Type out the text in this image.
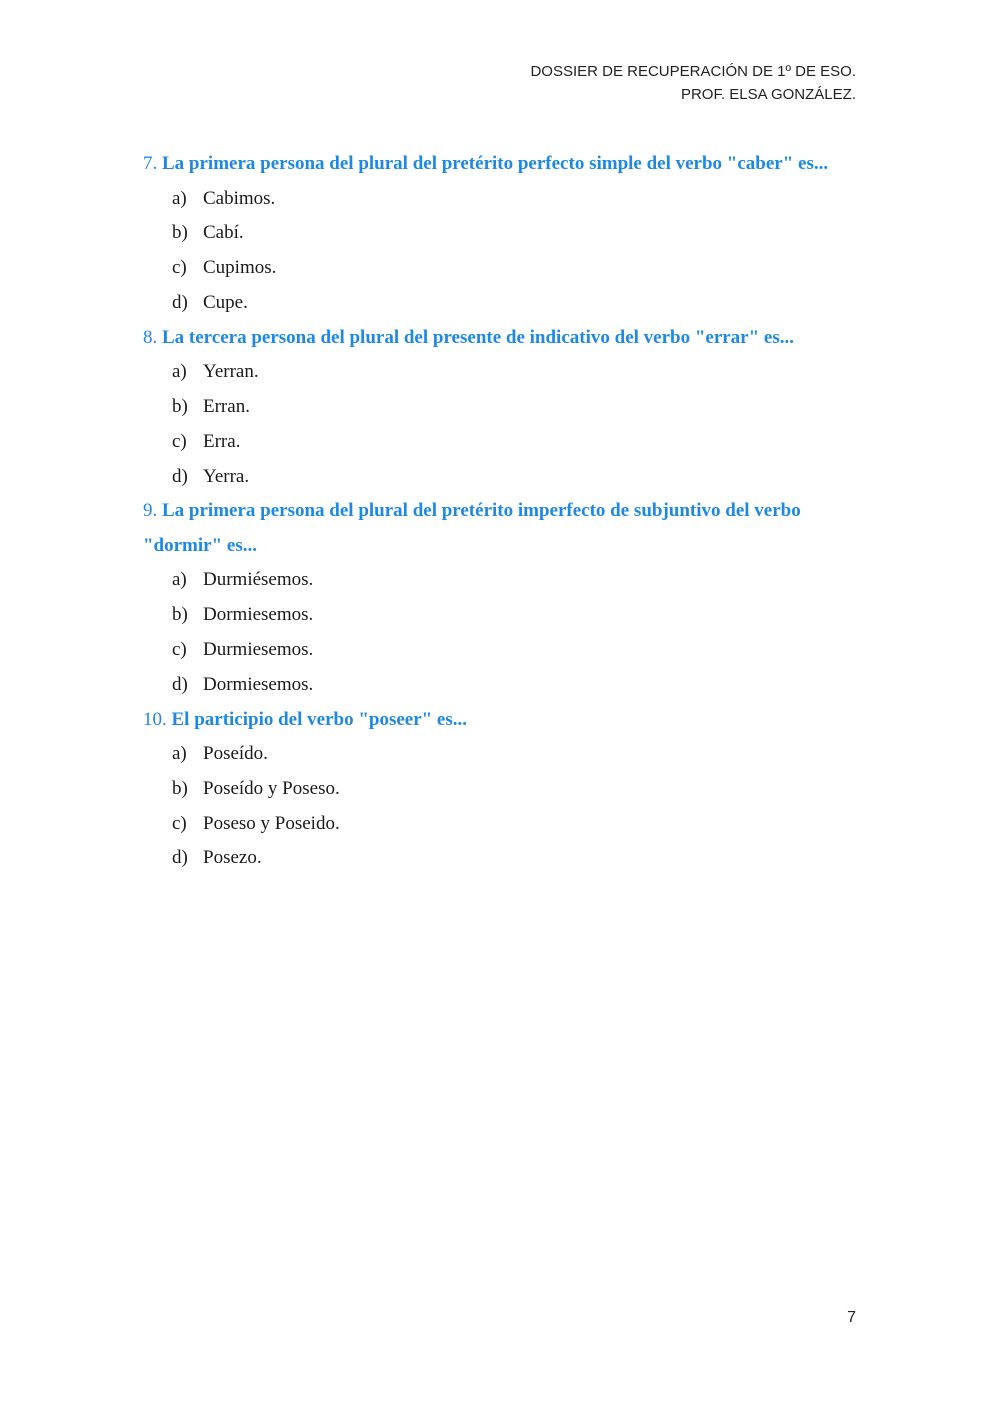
DOSSIER DE RECUPERACIÓN DE 1º DE ESO.
PROF. ELSA GONZÁLEZ.

7. La primera persona del plural del pretérito perfecto simple del verbo "caber" es...

a) Cabimos.
b) Cabí.
c) Cupimos.
d) Cupe.

8. La tercera persona del plural del presente de indicativo del verbo "errar" es...

a) Yerran.
b) Erran.
c) Erra.
d) Yerra.

9. La primera persona del plural del pretérito imperfecto de subjuntivo del verbo "dormir" es...

a) Durmiésemos.
b) Dormiesemos.
c) Durmiesemos.
d) Dormiesemos.

10. El participio del verbo "poseer" es...

a) Poseído.
b) Poseído y Poseso.
c) Poseso y Poseido.
d) Posezo.
7
